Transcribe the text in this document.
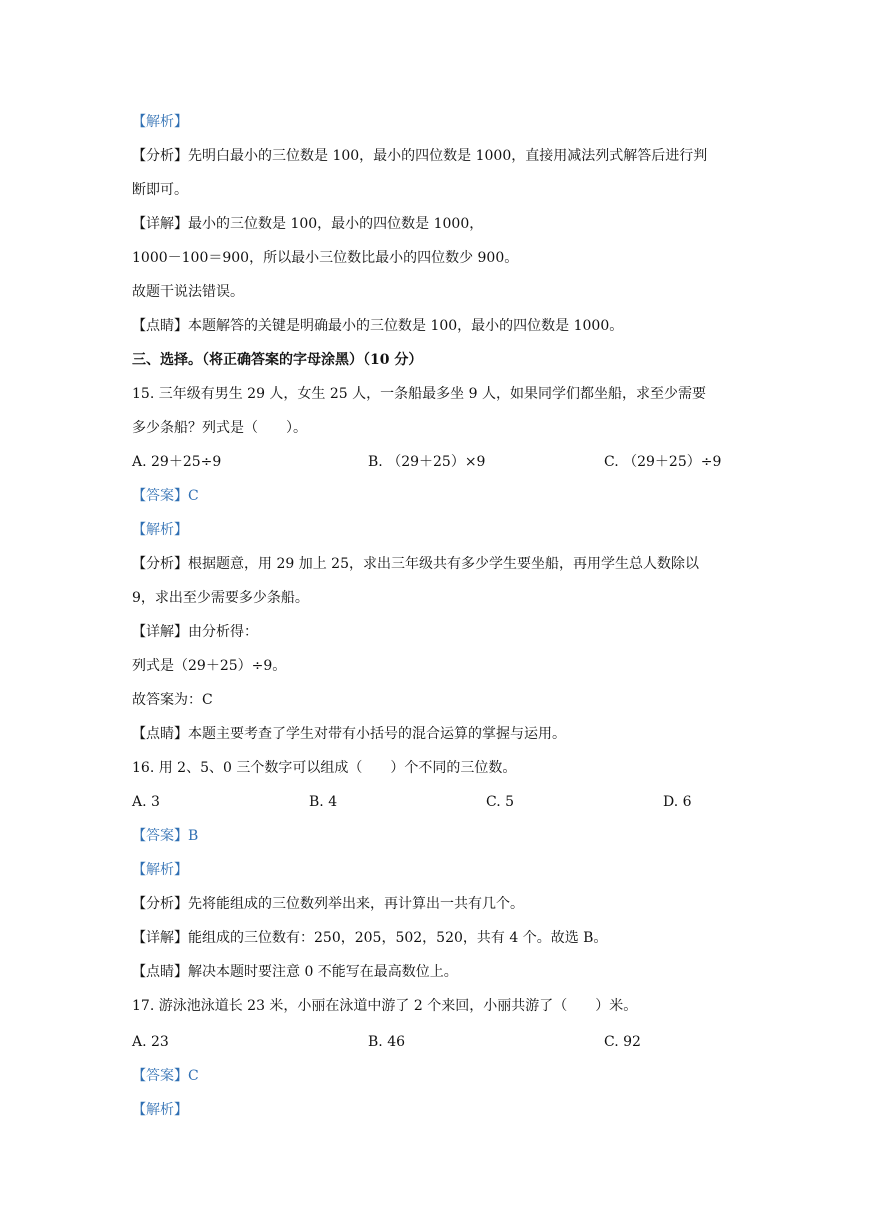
【解析】
【分析】先明白最小的三位数是 100，最小的四位数是 1000，直接用减法列式解答后进行判
断即可。
【详解】最小的三位数是 100，最小的四位数是 1000，
1000－100＝900，所以最小三位数比最小的四位数少 900。
故题干说法错误。
【点睛】本题解答的关键是明确最小的三位数是 100，最小的四位数是 1000。
三、选择。（将正确答案的字母涂黑）（10 分）
15. 三年级有男生 29 人，女生 25 人，一条船最多坐 9 人，如果同学们都坐船，求至少需要
多少条船？列式是（　　）。
A. 29＋25÷9	B. （29＋25）×9	C. （29＋25）÷9
【答案】C
【解析】
【分析】根据题意，用 29 加上 25，求出三年级共有多少学生要坐船，再用学生总人数除以
9，求出至少需要多少条船。
【详解】由分析得：
列式是（29＋25）÷9。
故答案为：C
【点睛】本题主要考查了学生对带有小括号的混合运算的掌握与运用。
16. 用 2、5、0 三个数字可以组成（　　）个不同的三位数。
A. 3	B. 4	C. 5	D. 6
【答案】B
【解析】
【分析】先将能组成的三位数列举出来，再计算出一共有几个。
【详解】能组成的三位数有：250，205，502，520，共有 4 个。故选 B。
【点睛】解决本题时要注意 0 不能写在最高数位上。
17. 游泳池泳道长 23 米，小丽在泳道中游了 2 个来回，小丽共游了（　　）米。
A. 23	B. 46	C. 92
【答案】C
【解析】
